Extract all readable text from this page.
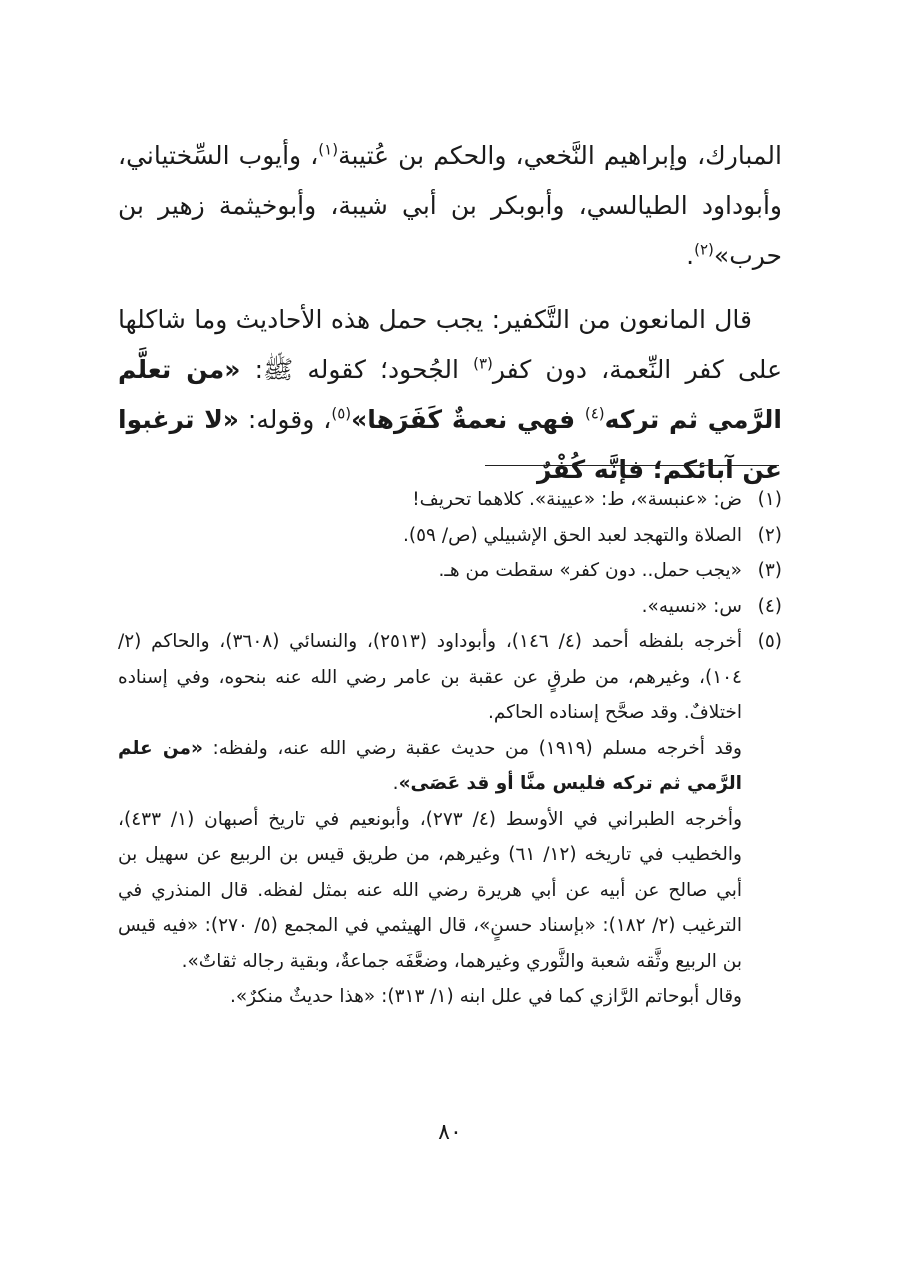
المبارك، وإبراهيم النَّخعي، والحكم بن عُتيبة$^{(١)}$، وأيوب السِّختياني، وأبوداود الطيالسي، وأبوبكر بن أبي شيبة، وأبوخيثمة زهير بن حرب»$^{(٢)}$.

قال المانعون من التَّكفير: يجب حمل هذه الأحاديث وما شاكلها على كفر النِّعمة، دون كفر$^{(٣)}$ الجُحود؛ كقوله ﷺ: «من تعلَّم الرَّمي ثم تركه$^{(٤)}$ فهي نعمةٌ كَفَرَها»$^{(٥)}$، وقوله: «لا ترغبوا عن آبائكم؛ فإنَّه كُفْرٌ

(١)
ض: «عنبسة»، ط: «عيينة». كلاهما تحريف!
(٢)
الصلاة والتهجد لعبد الحق الإشبيلي (ص/ ٥٩).
(٣)
«يجب حمل.. دون كفر» سقطت من هـ.
(٤)
س: «نسيه».
(٥)
أخرجه بلفظه أحمد (٤/ ١٤٦)، وأبوداود (٢٥١٣)، والنسائي (٣٦٠٨)، والحاكم (٢/ ١٠٤)، وغيرهم، من طرقٍ عن عقبة بن عامر رضي الله عنه بنحوه، وفي إسناده اختلافٌ. وقد صحَّح إسناده الحاكم.
وقد أخرجه مسلم (١٩١٩) من حديث عقبة رضي الله عنه، ولفظه: «من علم الرَّمي ثم تركه فليس منَّا أو قد عَصَى».
وأخرجه الطبراني في الأوسط (٤/ ٢٧٣)، وأبونعيم في تاريخ أصبهان (١/ ٤٣٣)، والخطيب في تاريخه (١٢/ ٦١) وغيرهم، من طريق قيس بن الربيع عن سهيل بن أبي صالح عن أبيه عن أبي هريرة رضي الله عنه بمثل لفظه. قال المنذري في الترغيب (٢/ ١٨٢): «بإسناد حسنٍ»، قال الهيثمي في المجمع (٥/ ٢٧٠): «فيه قيس بن الربيع وثَّقه شعبة والثَّوري وغيرهما، وضعَّفَه جماعةٌ، وبقية رجاله ثقاتٌ».
وقال أبوحاتم الرَّازي كما في علل ابنه (١/ ٣١٣): «هذا حديثٌ منكرٌ».
٨٠
